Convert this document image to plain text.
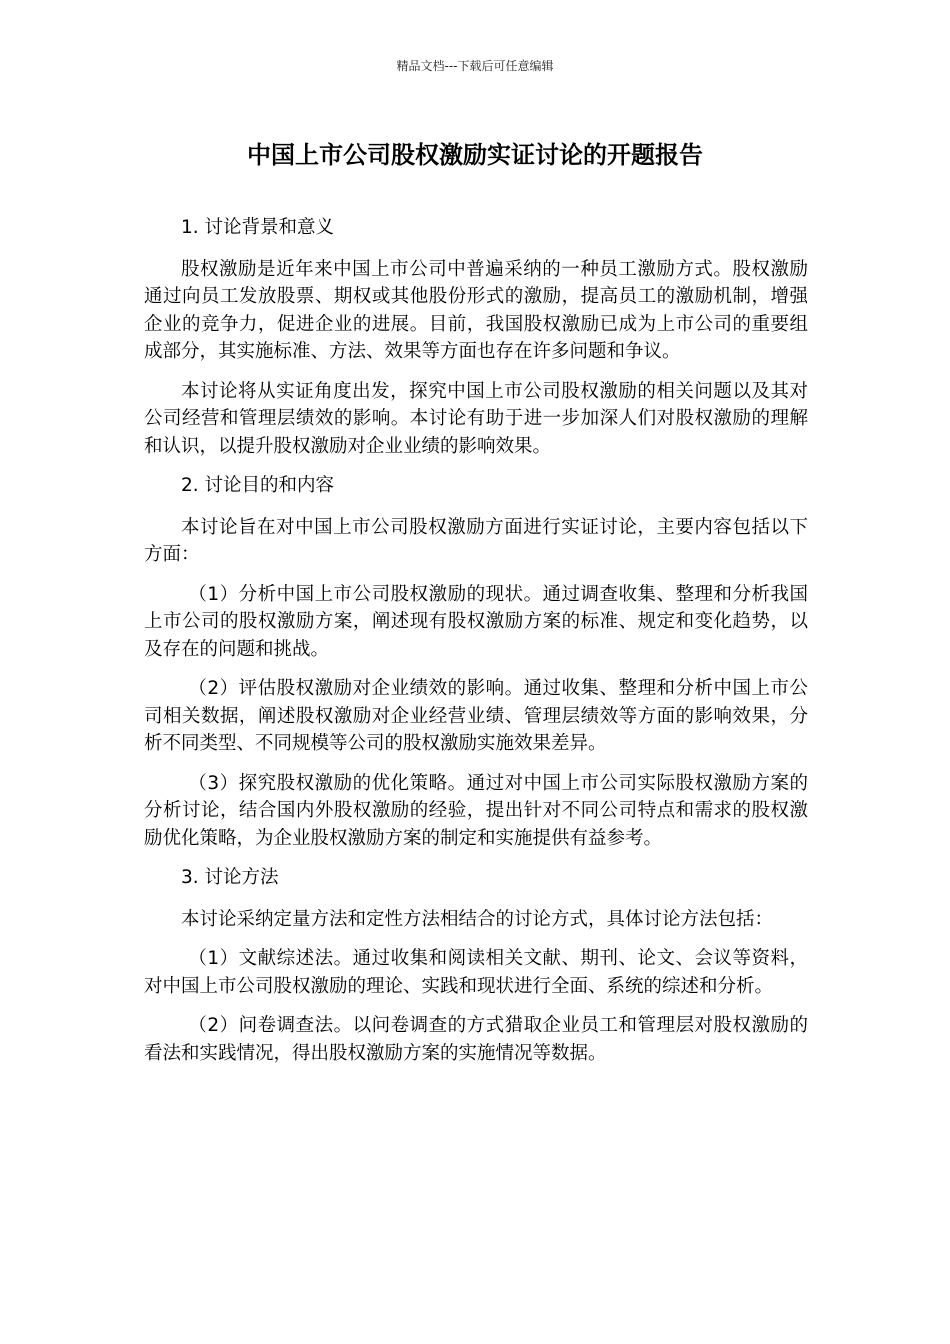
精品文档---下载后可任意编辑
中国上市公司股权激励实证讨论的开题报告

1. 讨论背景和意义

股权激励是近年来中国上市公司中普遍采纳的一种员工激励方式。股权激励通过向员工发放股票、期权或其他股份形式的激励，提高员工的激励机制，增强企业的竞争力，促进企业的进展。目前，我国股权激励已成为上市公司的重要组成部分，其实施标准、方法、效果等方面也存在许多问题和争议。

本讨论将从实证角度出发，探究中国上市公司股权激励的相关问题以及其对公司经营和管理层绩效的影响。本讨论有助于进一步加深人们对股权激励的理解和认识，以提升股权激励对企业业绩的影响效果。

2. 讨论目的和内容

本讨论旨在对中国上市公司股权激励方面进行实证讨论，主要内容包括以下方面：

（1）分析中国上市公司股权激励的现状。通过调查收集、整理和分析我国上市公司的股权激励方案，阐述现有股权激励方案的标准、规定和变化趋势，以及存在的问题和挑战。

（2）评估股权激励对企业绩效的影响。通过收集、整理和分析中国上市公司相关数据，阐述股权激励对企业经营业绩、管理层绩效等方面的影响效果，分析不同类型、不同规模等公司的股权激励实施效果差异。

（3）探究股权激励的优化策略。通过对中国上市公司实际股权激励方案的分析讨论，结合国内外股权激励的经验，提出针对不同公司特点和需求的股权激励优化策略，为企业股权激励方案的制定和实施提供有益参考。

3. 讨论方法

本讨论采纳定量方法和定性方法相结合的讨论方式，具体讨论方法包括：

（1）文献综述法。通过收集和阅读相关文献、期刊、论文、会议等资料，对中国上市公司股权激励的理论、实践和现状进行全面、系统的综述和分析。

（2）问卷调查法。以问卷调查的方式猎取企业员工和管理层对股权激励的看法和实践情况，得出股权激励方案的实施情况等数据。
